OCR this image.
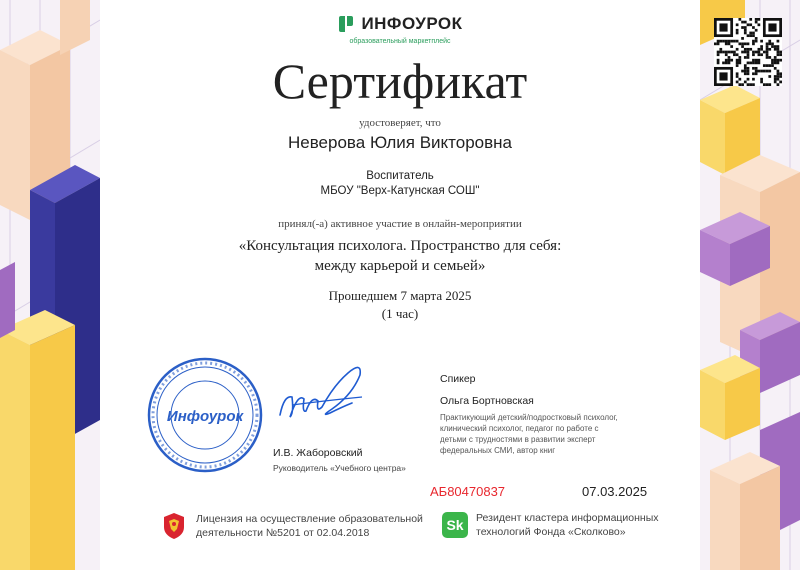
ИНФОУРОК
образовательный маркетплейс
Сертификат
удостоверяет, что
Неверова Юлия Викторовна
Воспитатель
МБОУ "Верх-Катунская СОШ"
принял(-а) активное участие в онлайн-мероприятии
«Консультация психолога. Пространство для себя:
между карьерой и семьей»
Прошедшем 7 марта 2025
(1 час)
Инфоурок
И.В. Жаборовский
Руководитель «Учебного центра»
Спикер
Ольга Бортновская
Практикующий детский/подростковый психолог, клинический психолог, педагог по работе с детьми с трудностями в развитии эксперт федеральных СМИ, автор книг
АБ80470837	07.03.2025
Лицензия на осуществление образовательной
деятельности №5201 от 02.04.2018	Sk	Резидент кластера информационных
технологий Фонда «Сколково»
